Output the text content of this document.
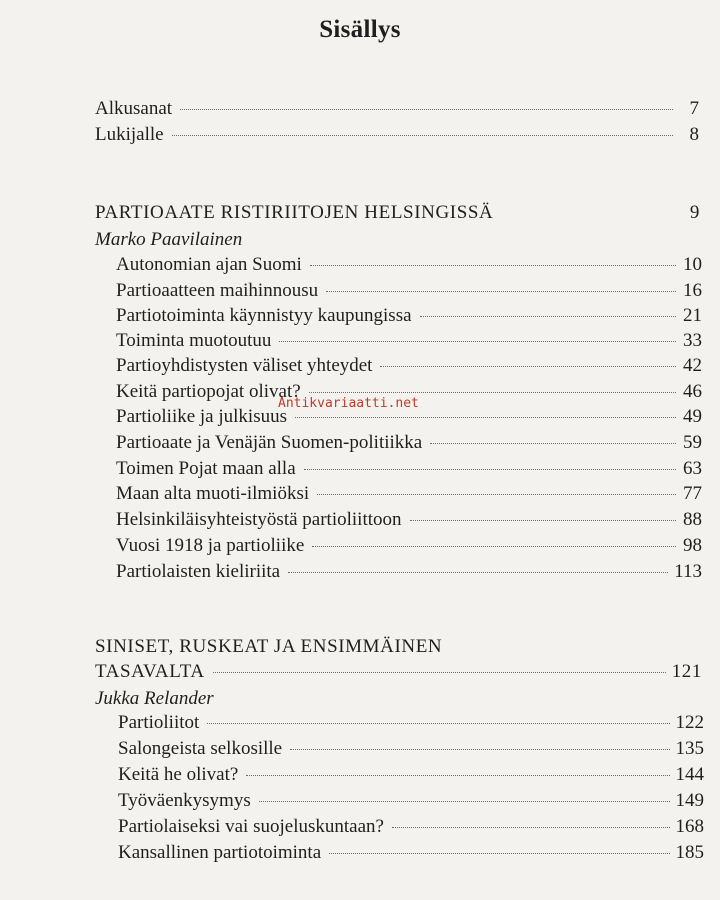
Sisällys
Alkusanat	7
Lukijalle	8
PARTIOAATE RISTIRIITOJEN HELSINGISSÄ	9
Marko Paavilainen
Autonomian ajan Suomi	10
Partioaatteen maihinnousu	16
Partiotoiminta käynnistyy kaupungissa	21
Toiminta muotoutuu	33
Partioyhdistysten väliset yhteydet	42
Keitä partiopojat olivat?	46
Partioliike ja julkisuus	49
Partioaate ja Venäjän Suomen-politiikka	59
Toimen Pojat maan alla	63
Maan alta muoti-ilmiöksi	77
Helsinkiläisyhteistyöstä partioliittoon	88
Vuosi 1918 ja partioliike	98
Partiolaisten kieliriita	113
SINISET, RUSKEAT JA ENSIMMÄINEN
TASAVALTA	121
Jukka Relander
Partioliitot	122
Salongeista selkosille	135
Keitä he olivat?	144
Työväenkysymys	149
Partiolaiseksi vai suojeluskuntaan?	168
Kansallinen partiotoiminta	185
Antikvariaatti.net
